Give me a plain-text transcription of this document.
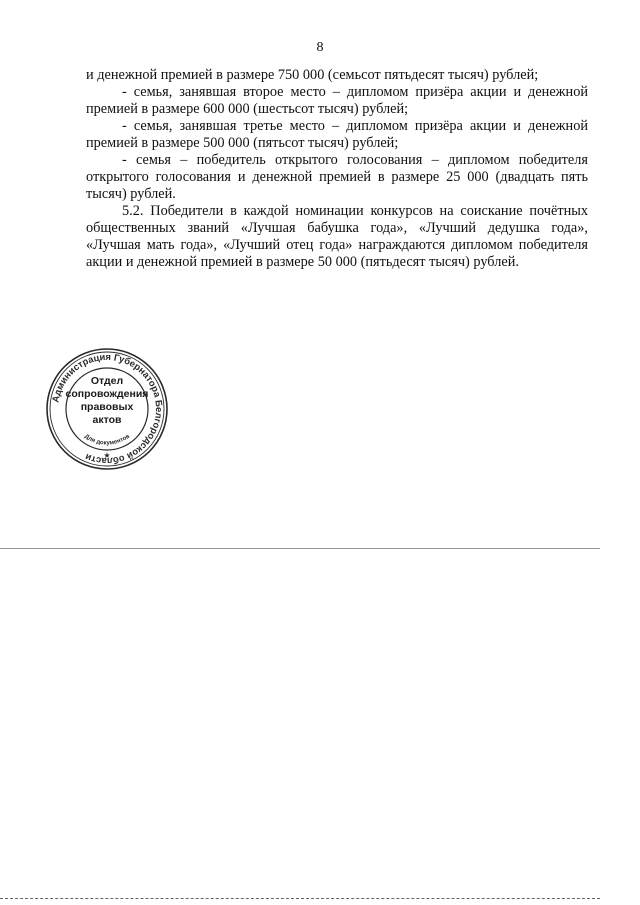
8

и денежной премией в размере 750 000 (семьсот пятьдесят тысяч) рублей;

- семья, занявшая второе место – дипломом призёра акции и денежной премией в размере 600 000 (шестьсот тысяч) рублей;

- семья, занявшая третье место – дипломом призёра акции и денежной премией в размере 500 000 (пятьсот тысяч) рублей;

- семья – победитель открытого голосования – дипломом победителя открытого голосования и денежной премией в размере 25 000 (двадцать пять тысяч) рублей.

5.2. Победители в каждой номинации конкурсов на соискание почётных общественных званий «Лучшая бабушка года», «Лучший дедушка года», «Лучшая мать года», «Лучший отец года» награждаются дипломом победителя акции и денежной премией в размере 50 000 (пятьдесят тысяч) рублей.

Администрация Губернатора Белгородской области
Для документов
★
Отдел
сопровождения
правовых
актов
